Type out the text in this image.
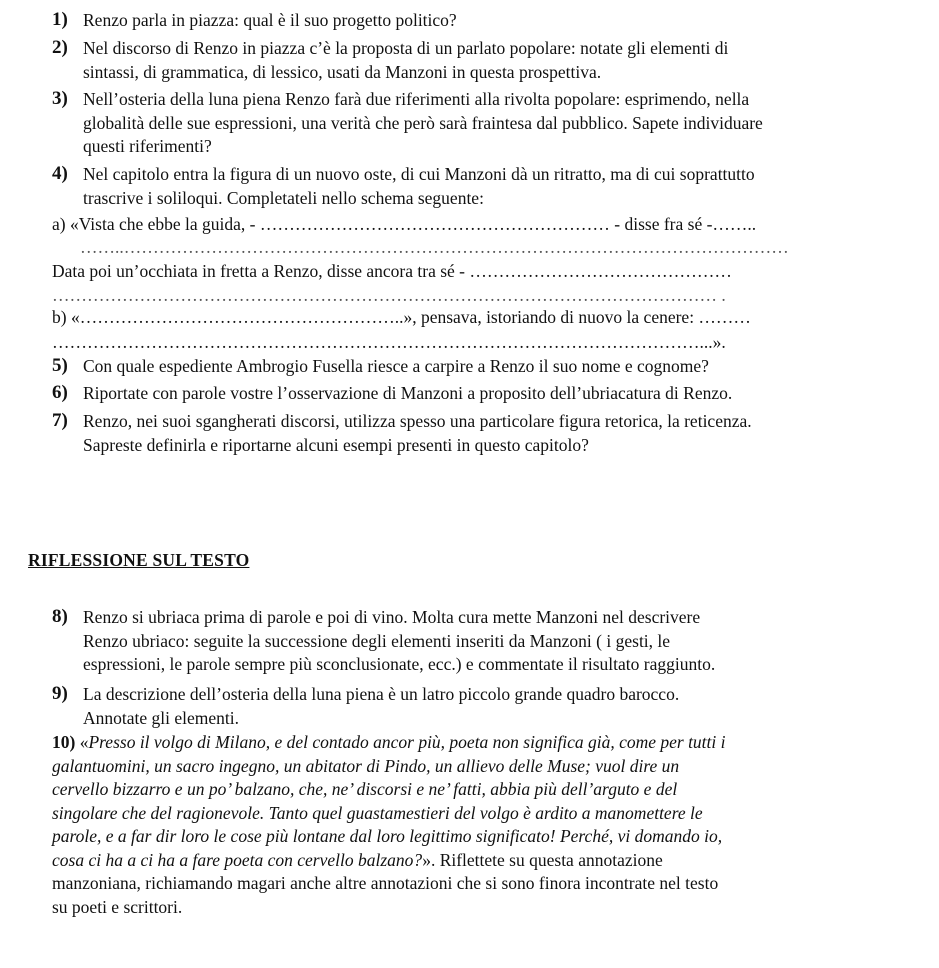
1) Renzo parla in piazza: qual è il suo progetto politico?
2) Nel discorso di Renzo in piazza c’è la proposta di un parlato popolare: notate gli elementi di
sintassi, di grammatica, di lessico, usati da Manzoni in questa prospettiva.
3) Nell’osteria della luna piena Renzo farà due riferimenti alla rivolta popolare: esprimendo, nella
globalità delle sue espressioni, una verità che però sarà fraintesa dal pubblico. Sapete individuare
questi riferimenti?
4) Nel capitolo entra la figura di un nuovo oste, di cui Manzoni dà un ritratto, ma di cui soprattutto
trascrive i soliloqui. Completateli nello schema seguente:
a) «Vista che ebbe la guida, - …………………………………………………… - disse fra sé -……..
……..……………………………………………………………………………………………………
Data poi un’occhiata in fretta a Renzo, disse ancora tra sé - ………………………………………
…………………………………………………………………………………………………… .
b) «………………………………………………..», pensava, istoriando di nuovo la cenere: ………
…………………………………………………………………………………………………...».
5) Con quale espediente Ambrogio Fusella riesce a carpire a Renzo il suo nome e cognome?
6) Riportate con parole vostre l’osservazione di Manzoni a proposito dell’ubriacatura di Renzo.
7) Renzo, nei suoi sgangherati discorsi, utilizza spesso una particolare figura retorica, la reticenza.
Sapreste definirla e riportarne alcuni esempi presenti in questo capitolo?
RIFLESSIONE SUL TESTO
8) Renzo si ubriaca prima di parole e poi di vino. Molta cura mette Manzoni nel descrivere
Renzo ubriaco: seguite la successione degli elementi inseriti da Manzoni ( i gesti, le
espressioni, le parole sempre più sconclusionate, ecc.) e commentate il risultato raggiunto.
9) La descrizione dell’osteria della luna piena è un latro piccolo grande quadro barocco.
Annotate gli elementi.
10) «Presso il volgo di Milano, e del contado ancor più, poeta non significa già, come per tutti i
galantuomini, un sacro ingegno, un abitator di Pindo, un allievo delle Muse; vuol dire un
cervello bizzarro e un po’ balzano, che, ne’ discorsi e ne’ fatti, abbia più dell’arguto e del
singolare che del ragionevole. Tanto quel guastamestieri del volgo è ardito a manomettere le
parole, e a far dir loro le cose più lontane dal loro legittimo significato! Perché, vi domando io,
cosa ci ha a ci ha a fare poeta con cervello balzano?». Riflettete su questa annotazione
manzoniana, richiamando magari anche altre annotazioni che si sono finora incontrate nel testo
su poeti e scrittori.
